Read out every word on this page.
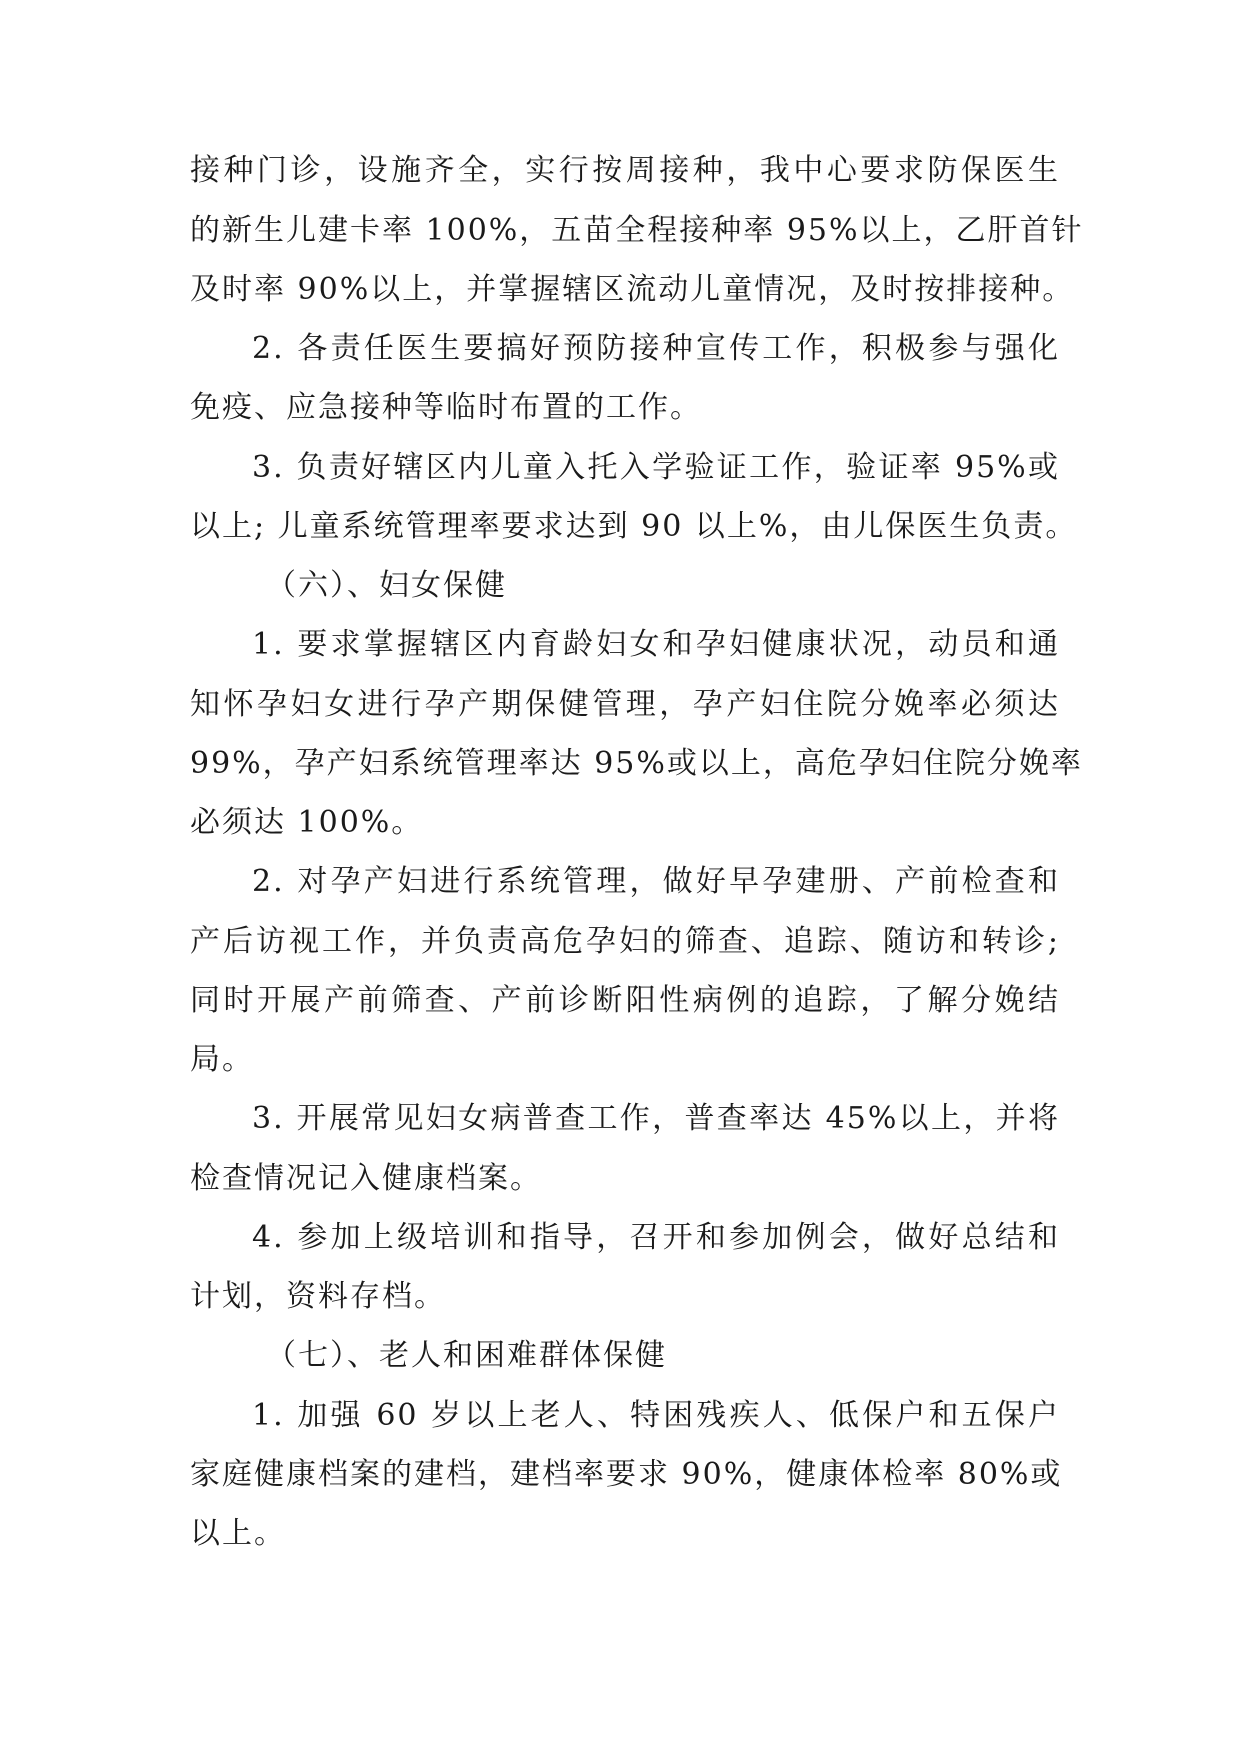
接种门诊，设施齐全，实行按周接种，我中心要求防保医生
的新生儿建卡率 100%，五苗全程接种率 95%以上，乙肝首针
及时率 90%以上，并掌握辖区流动儿童情况，及时按排接种。
2. 各责任医生要搞好预防接种宣传工作，积极参与强化
免疫、应急接种等临时布置的工作。
3. 负责好辖区内儿童入托入学验证工作，验证率 95%或
以上; 儿童系统管理率要求达到 90 以上%，由儿保医生负责。
（六）、妇女保健
1. 要求掌握辖区内育龄妇女和孕妇健康状况，动员和通
知怀孕妇女进行孕产期保健管理，孕产妇住院分娩率必须达
99%，孕产妇系统管理率达 95%或以上，高危孕妇住院分娩率
必须达 100%。
2. 对孕产妇进行系统管理，做好早孕建册、产前检查和
产后访视工作，并负责高危孕妇的筛查、追踪、随访和转诊;
同时开展产前筛查、产前诊断阳性病例的追踪，了解分娩结
局。
3. 开展常见妇女病普查工作，普查率达 45%以上，并将
检查情况记入健康档案。
4. 参加上级培训和指导，召开和参加例会，做好总结和
计划，资料存档。
（七）、老人和困难群体保健
1. 加强 60 岁以上老人、特困残疾人、低保户和五保户
家庭健康档案的建档，建档率要求 90%，健康体检率 80%或
以上。
